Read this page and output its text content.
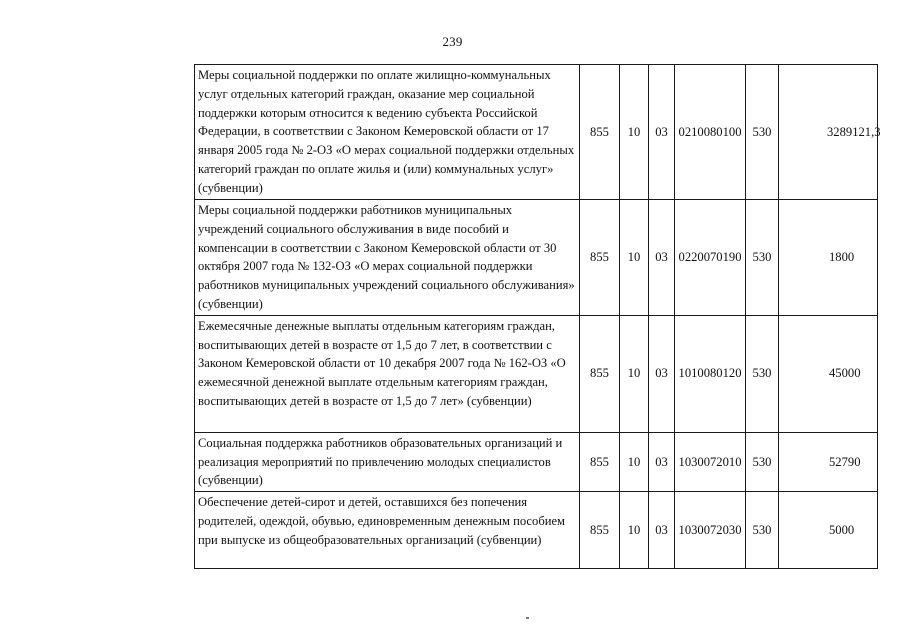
239
Меры социальной поддержки по оплате жилищно-коммунальных услуг отдельных категорий граждан, оказание мер социальной поддержки которым относится к ведению субъекта Российской Федерации, в соответствии с Законом Кемеровской области от 17 января 2005 года № 2-ОЗ «О мерах социальной поддержки отдельных категорий граждан по оплате жилья и (или) коммунальных услуг» (субвенции)	855	10	03	0210080100	530	3289121,3

Меры социальной поддержки работников муниципальных учреждений социального обслуживания в виде пособий и компенсации в соответствии с Законом Кемеровской области от 30 октября 2007 года № 132-ОЗ «О мерах социальной поддержки работников муниципальных учреждений социального обслуживания» (субвенции)	855	10	03	0220070190	530	1800

Ежемесячные денежные выплаты отдельным категориям граждан, воспитывающих детей в возрасте от 1,5 до 7 лет, в соответствии с Законом Кемеровской области от 10 декабря 2007 года № 162-ОЗ «О ежемесячной денежной выплате отдельным категориям граждан, воспитывающих детей в возрасте от 1,5 до 7 лет» (субвенции)	855	10	03	1010080120	530	45000

Социальная поддержка работников образовательных организаций и реализация мероприятий по привлечению молодых специалистов (субвенции)	855	10	03	1030072010	530	52790

Обеспечение детей-сирот и детей, оставшихся без попечения родителей, одеждой, обувью, единовременным денежным пособием при выпуске из общеобразовательных организаций (субвенции)	855	10	03	1030072030	530	5000
